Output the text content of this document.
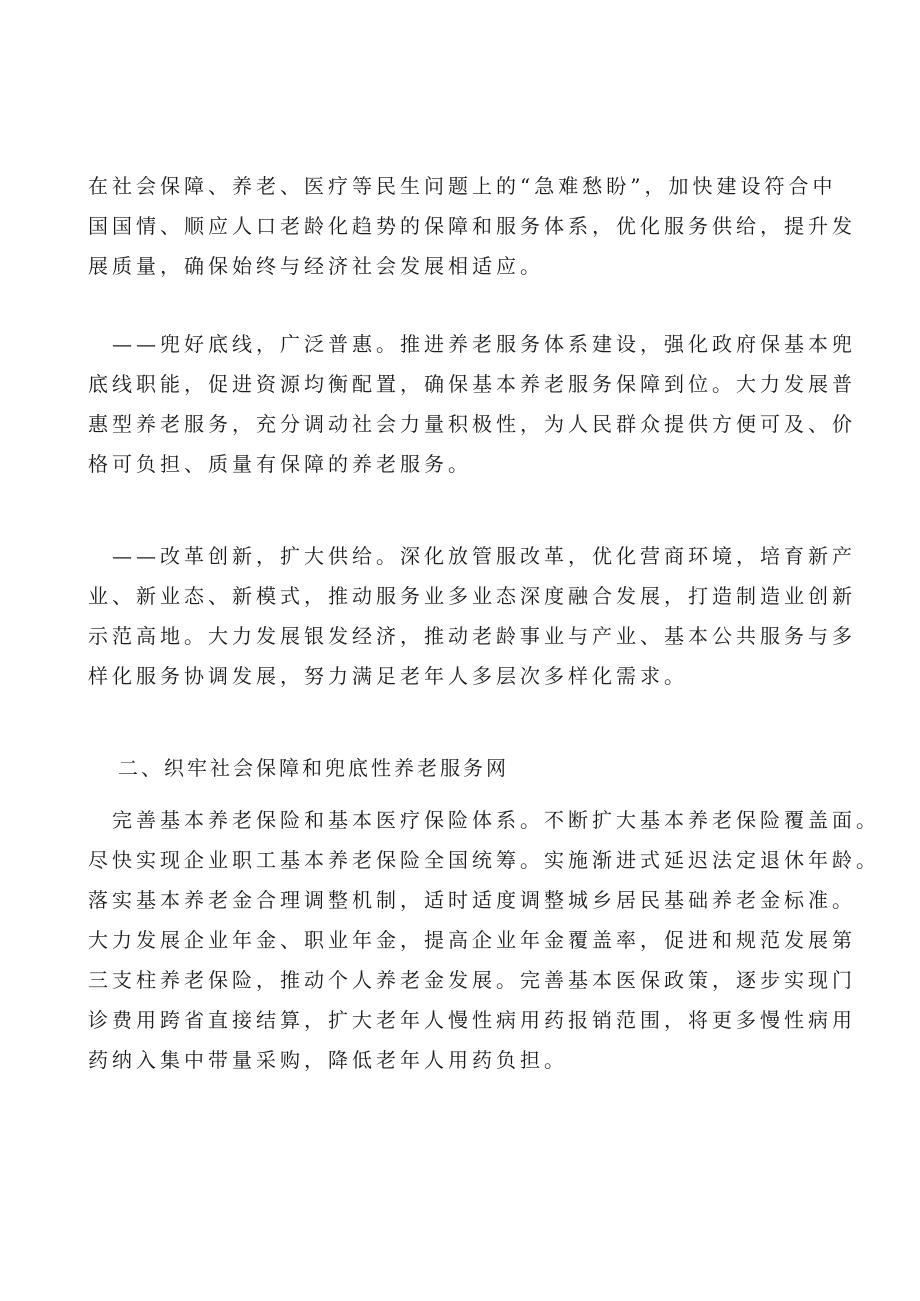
在社会保障、养老、医疗等民生问题上的“急难愁盼”，加快建设符合中
国国情、顺应人口老龄化趋势的保障和服务体系，优化服务供给，提升发
展质量，确保始终与经济社会发展相适应。
　——兜好底线，广泛普惠。推进养老服务体系建设，强化政府保基本兜
底线职能，促进资源均衡配置，确保基本养老服务保障到位。大力发展普
惠型养老服务，充分调动社会力量积极性，为人民群众提供方便可及、价
格可负担、质量有保障的养老服务。
　——改革创新，扩大供给。深化放管服改革，优化营商环境，培育新产
业、新业态、新模式，推动服务业多业态深度融合发展，打造制造业创新
示范高地。大力发展银发经济，推动老龄事业与产业、基本公共服务与多
样化服务协调发展，努力满足老年人多层次多样化需求。
二、织牢社会保障和兜底性养老服务网
　完善基本养老保险和基本医疗保险体系。不断扩大基本养老保险覆盖面。
尽快实现企业职工基本养老保险全国统筹。实施渐进式延迟法定退休年龄。
落实基本养老金合理调整机制，适时适度调整城乡居民基础养老金标准。
大力发展企业年金、职业年金，提高企业年金覆盖率，促进和规范发展第
三支柱养老保险，推动个人养老金发展。完善基本医保政策，逐步实现门
诊费用跨省直接结算，扩大老年人慢性病用药报销范围，将更多慢性病用
药纳入集中带量采购，降低老年人用药负担。
